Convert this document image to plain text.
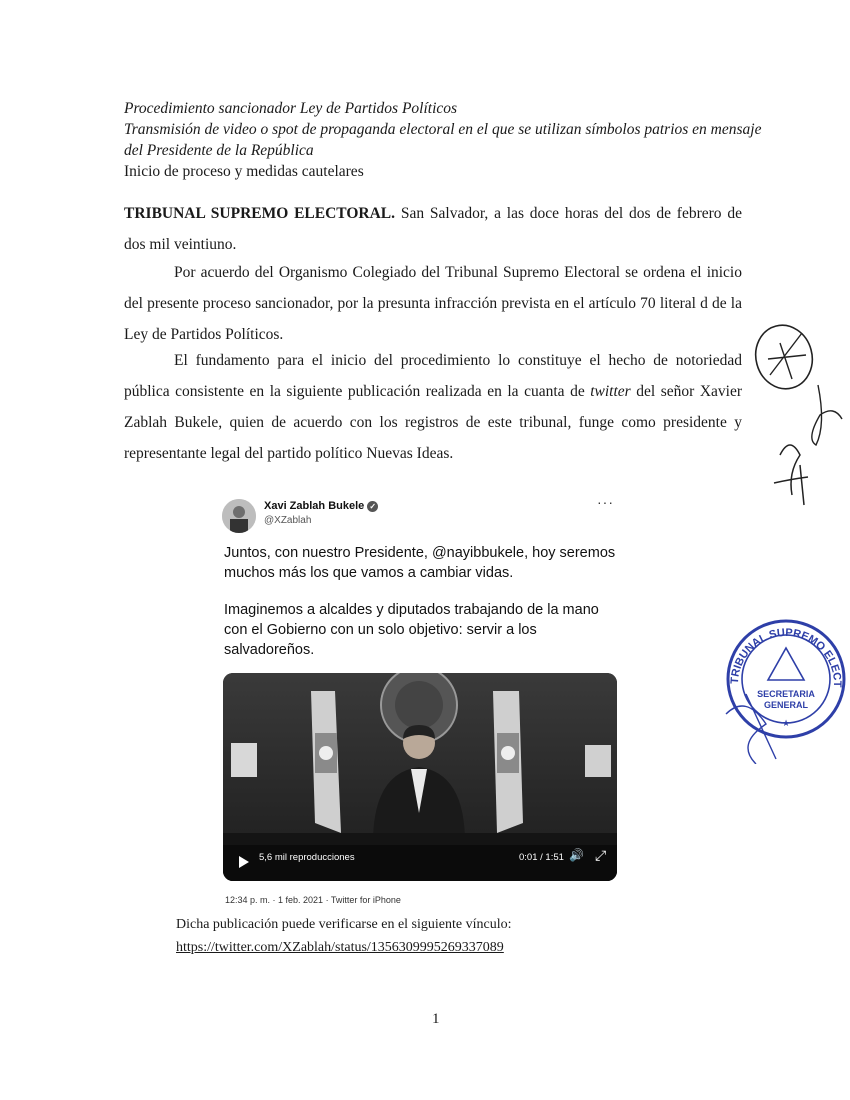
Procedimiento sancionador Ley de Partidos Políticos
Transmisión de video o spot de propaganda electoral en el que se utilizan símbolos patrios en mensaje del Presidente de la República
Inicio de proceso y medidas cautelares
TRIBUNAL SUPREMO ELECTORAL. San Salvador, a las doce horas del dos de febrero de dos mil veintiuno.
Por acuerdo del Organismo Colegiado del Tribunal Supremo Electoral se ordena el inicio del presente proceso sancionador, por la presunta infracción prevista en el artículo 70 literal d de la Ley de Partidos Políticos.
El fundamento para el inicio del procedimiento lo constituye el hecho de notoriedad pública consistente en la siguiente publicación realizada en la cuanta de twitter del señor Xavier Zablah Bukele, quien de acuerdo con los registros de este tribunal, funge como presidente y representante legal del partido político Nuevas Ideas.
Xavi Zablah Bukele ✓
@XZablah
···

Juntos, con nuestro Presidente, @nayibbukele, hoy seremos muchos más los que vamos a cambiar vidas.

Imaginemos a alcaldes y diputados trabajando de la mano con el Gobierno con un solo objetivo: servir a los salvadoreños.

5,6 mil reproducciones	0:01 / 1:51 🔊 ⤢
12:34 p. m. · 1 feb. 2021 · Twitter for iPhone
Dicha publicación puede verificarse en el siguiente vínculo:
https://twitter.com/XZablah/status/1356309995269337089
1
TRIBUNAL SUPREMO ELECT
SECRETARIA
GENERAL
★
